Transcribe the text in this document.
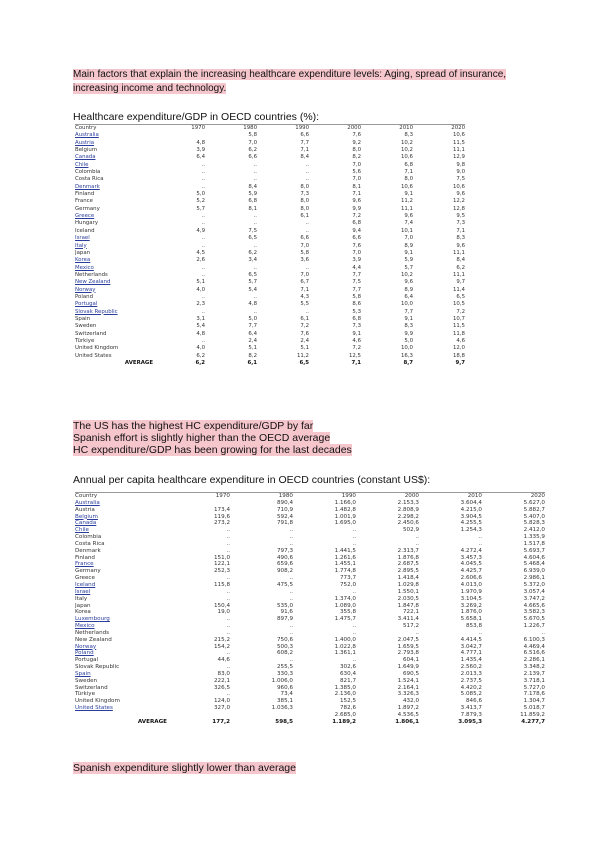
Main factors that explain the increasing healthcare expenditure levels: Aging, spread of insurance, increasing income and technology.
Healthcare expenditure/GDP in OECD countries (%):
Country	1970	1980	1990	2000	2010	2020
Australia		5,8	6,6	7,6	8,3	10,6
Austria	4,8	7,0	7,7	9,2	10,2	11,5
Belgium	3,9	6,2	7,1	8,0	10,2	11,1
Canada	6,4	6,6	8,4	8,2	10,6	12,9
Chile	..	..	..	7,0	6,8	9,8
Colombia	..	..	..	5,6	7,1	9,0
Costa Rica	..	..	..	7,0	8,0	7,5
Denmark	..	8,4	8,0	8,1	10,6	10,6
Finland	5,0	5,9	7,3	7,1	9,1	9,6
France	5,2	6,8	8,0	9,6	11,2	12,2
Germany	5,7	8,1	8,0	9,9	11,1	12,8
Greece	..	..	6,1	7,2	9,6	9,5
Hungary	..	..	..	6,8	7,4	7,3
Iceland	4,9	7,5	..	9,4	10,1	7,1
Israel	..	6,5	6,6	6,6	7,0	8,3
Italy	..	..	7,0	7,6	8,9	9,6
Japan	4,5	6,2	5,8	7,0	9,1	11,1
Korea	2,6	3,4	3,6	3,9	5,9	8,4
Mexico	..	..	..	4,4	5,7	6,2
Netherlands	..	6,5	7,0	7,7	10,2	11,1
New Zealand	5,1	5,7	6,7	7,5	9,6	9,7
Norway	4,0	5,4	7,1	7,7	8,9	11,4
Poland	..	..	4,3	5,8	6,4	6,5
Portugal	2,3	4,8	5,5	8,6	10,0	10,5
Slovak Republic	..	..	..	5,3	7,7	7,2
Spain	3,1	5,0	6,1	6,8	9,1	10,7
Sweden	5,4	7,7	7,2	7,3	8,3	11,5
Switzerland	4,8	6,4	7,6	9,1	9,9	11,8
Türkiye	..	2,4	2,4	4,6	5,0	4,6
United Kingdom	4,0	5,1	5,1	7,2	10,0	12,0
United States	6,2	8,2	11,2	12,5	16,3	18,8
AVERAGE	6,2	6,1	6,5	7,1	8,7	9,7
The US has the highest HC expenditure/GDP by far
Spanish effort is slightly higher than the OECD average
HC expenditure/GDP has been growing for the last decades
Annual per capita healthcare expenditure in OECD countries (constant US$):
Country	1970	1980	1990	2000	2010	2020
Australia		890,4	1.166,0	2.153,3	3.604,4	5.627,0
Austria	173,4	710,9	1.482,8	2.808,9	4.215,0	5.882,7
Belgium	119,6	592,4	1.001,9	2.298,2	3.904,5	5.407,0
Canada	273,2	791,8	1.695,0	2.450,6	4.255,5	5.828,3
Chile	..	..	..	502,9	1.254,3	2.412,0
Colombia	..	..	..	..	..	1.335,9
Costa Rica	..	..	..	..	..	1.517,8
Denmark	..	797,3	1.441,5	2.313,7	4.272,4	5.693,7
Finland	151,0	490,6	1.261,6	1.876,8	3.457,3	4.604,6
France	122,1	659,6	1.455,1	2.687,5	4.045,5	5.468,4
Germany	252,3	908,2	1.774,8	2.895,5	4.425,7	6.939,0
Greece	..	..	773,7	1.418,4	2.606,6	2.986,1
Iceland	115,8	475,5	752,0	1.029,8	4.013,0	5.372,0
Israel	..	..	..	1.550,1	1.970,9	3.057,4
Italy	..	..	1.374,0	2.030,5	3.104,5	3.747,2
Japan	150,4	535,0	1.089,0	1.847,8	3.269,2	4.665,6
Korea	19,0	91,6	355,8	722,1	1.876,0	3.582,3
Luxembourg	..	897,9	1.475,7	3.411,4	5.658,1	5.670,5
Mexico	..	..	..	517,2	853,8	1.226,7
Netherlands	..	..	..	..	..	..
New Zealand	215,2	750,6	1.400,0	2.047,5	4.414,5	6.100,3
Norway	154,2	500,3	1.022,8	1.659,5	3.042,7	4.469,4
Poland	..	608,2	1.361,1	2.793,8	4.777,1	6.516,6
Portugal	44,6	..	..	604,1	1.435,4	2.286,1
Slovak Republic	..	255,5	302,6	1.649,9	2.560,2	3.348,2
Spain	83,0	330,3	630,4	690,5	2.013,3	2.139,7
Sweden	222,1	1.006,0	821,7	1.524,1	2.737,5	3.718,1
Switzerland	326,5	960,6	1.385,0	2.164,1	4.420,2	5.727,0
Türkiye	..	73,4	2.136,0	3.326,3	5.085,2	7.178,6
United Kingdom	124,0	385,1	152,5	432,0	846,6	1.304,7
United States	327,0	1.036,3	782,6	1.897,2	3.413,7	5.018,7
			2.685,0	4.536,5	7.879,3	11.859,2
AVERAGE	177,2	598,5	1.189,2	1.806,1	3.095,3	4.277,7
Spanish expenditure slightly lower than average
